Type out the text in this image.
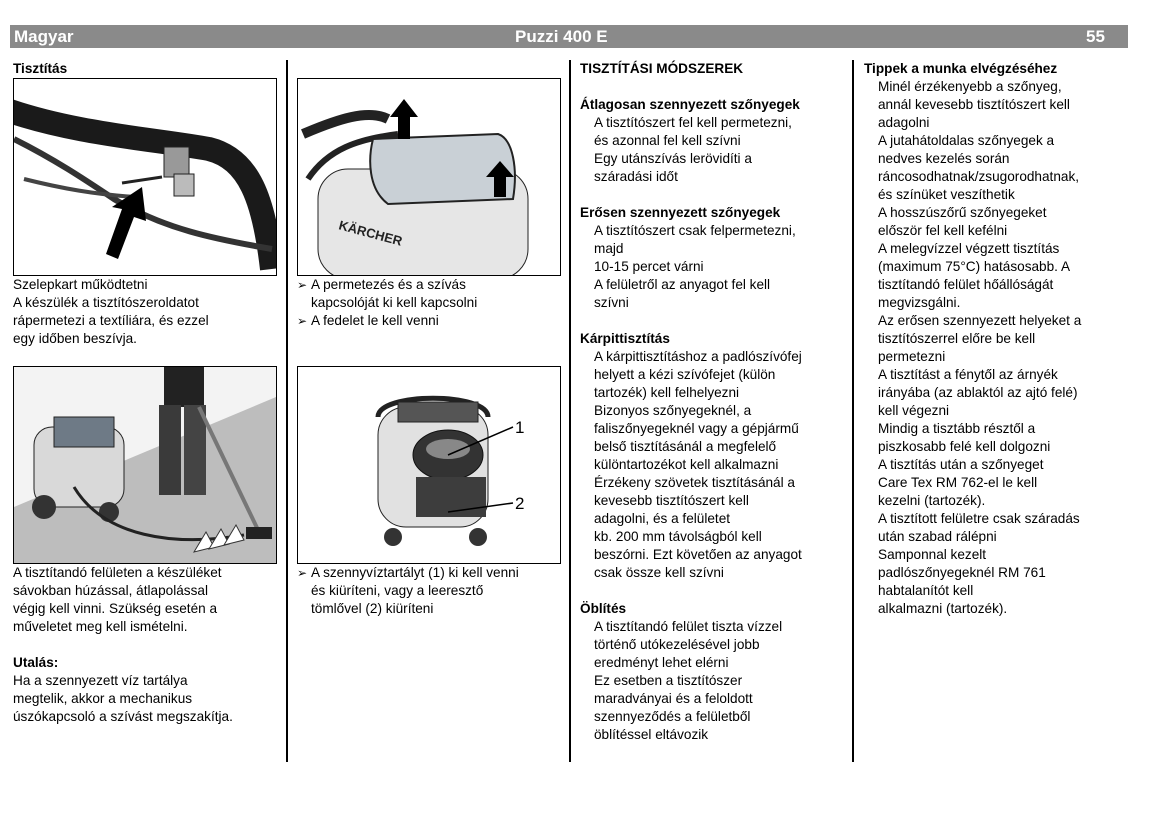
Magyar	Puzzi 400 E	55
Tisztítás

Szelepkart működtetni

A készülék a tisztítószeroldatot

rápermetezi a textíliára, és ezzel

egy időben beszívja.

A tisztítandó felületen a készüléket

sávokban húzással, átlapolással

végig kell vinni. Szükség esetén a

műveletet meg kell ismételni.

Utalás:

Ha a szennyezett víz tartálya

megtelik, akkor a mechanikus

úszókapcsoló a szívást megszakítja.

KÄRCHER

➢ A permetezés és a szívás

kapcsolóját ki kell kapcsolni

➢ A fedelet le kell venni

1
2

➢ A szennyvíztartályt (1) ki kell venni

és kiüríteni, vagy a leeresztő

tömlővel (2) kiüríteni

TISZTÍTÁSI MÓDSZEREK

Átlagosan szennyezett szőnyegek

A tisztítószert fel kell permetezni,

és azonnal fel kell szívni

Egy utánszívás lerövidíti a

száradási időt

Erősen szennyezett szőnyegek

A tisztítószert csak felpermetezni,

majd

10-15 percet várni

A felületről az anyagot fel kell

szívni

Kárpittisztítás

A kárpittisztításhoz a padlószívófej

helyett a kézi szívófejet (külön

tartozék) kell felhelyezni

Bizonyos szőnyegeknél, a

faliszőnyegeknél vagy a gépjármű

belső tisztításánál a megfelelő

különtartozékot kell alkalmazni

Érzékeny szövetek tisztításánál a

kevesebb tisztítószert kell

adagolni, és a felületet

kb. 200 mm távolságból kell

beszórni. Ezt követően az anyagot

csak össze kell szívni

Öblítés

A tisztítandó felület tiszta vízzel

történő utókezelésével jobb

eredményt lehet elérni

Ez esetben a tisztítószer

maradványai és a feloldott

szennyeződés a felületből

öblítéssel eltávozik

Tippek a munka elvégzéséhez

Minél érzékenyebb a szőnyeg,

annál kevesebb tisztítószert kell

adagolni

A jutahátoldalas szőnyegek a

nedves kezelés során

ráncosodhatnak/zsugorodhatnak,

és színüket veszíthetik

A hosszúszőrű szőnyegeket

először fel kell kefélni

A melegvízzel végzett tisztítás

(maximum 75°C) hatásosabb. A

tisztítandó felület hőállóságát

megvizsgálni.

Az erősen szennyezett helyeket a

tisztítószerrel előre be kell

permetezni

A tisztítást a fénytől az árnyék

irányába (az ablaktól az ajtó felé)

kell végezni

Mindig a tisztább résztől a

piszkosabb felé kell dolgozni

A tisztítás után a szőnyeget

Care Tex RM 762-el le kell

kezelni (tartozék).

A tisztított felületre csak száradás

után szabad rálépni

Samponnal kezelt

padlószőnyegeknél RM 761

habtalanítót kell

alkalmazni (tartozék).
